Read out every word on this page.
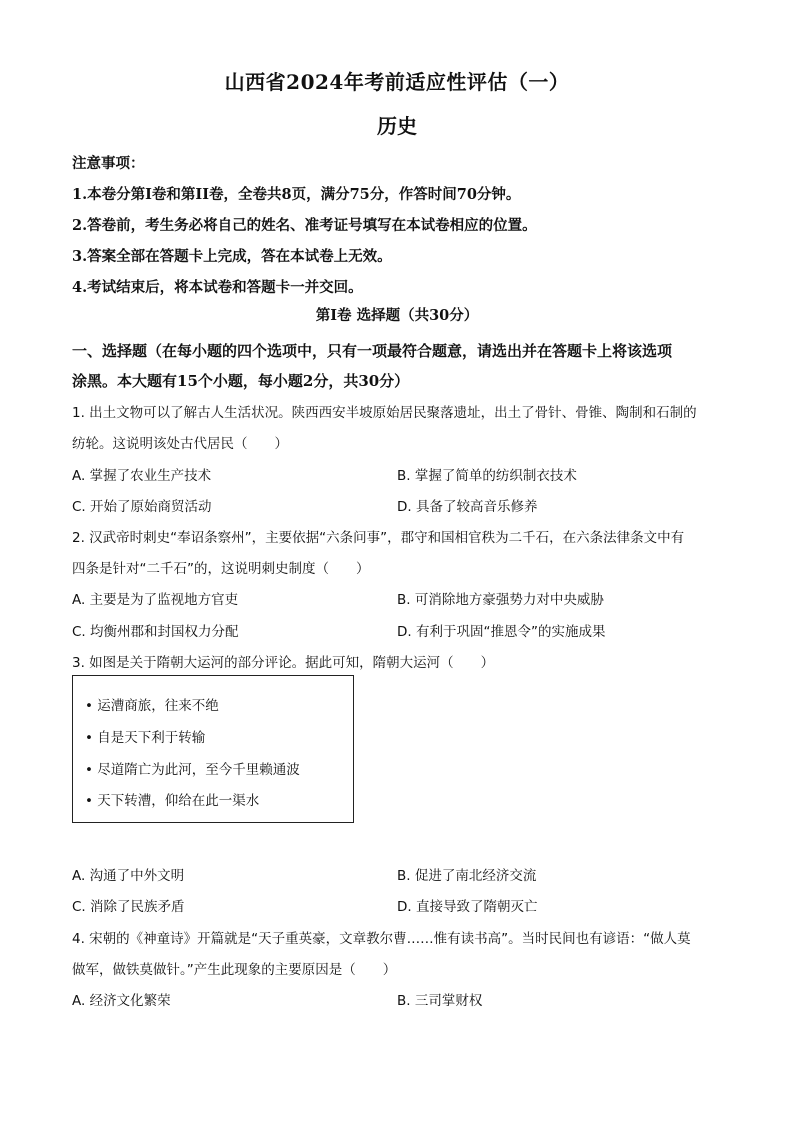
山西省2024年考前适应性评估（一）
历史
注意事项：
1.本卷分第I卷和第II卷，全卷共8页，满分75分，作答时间70分钟。
2.答卷前，考生务必将自己的姓名、准考证号填写在本试卷相应的位置。
3.答案全部在答题卡上完成，答在本试卷上无效。
4.考试结束后，将本试卷和答题卡一并交回。
第I卷 选择题（共30分）
一、选择题（在每小题的四个选项中，只有一项最符合题意，请选出并在答题卡上将该选项
涂黑。本大题有15个小题，每小题2分，共30分）
1. 出土文物可以了解古人生活状况。陕西西安半坡原始居民聚落遗址，出土了骨针、骨锥、陶制和石制的
纺轮。这说明该处古代居民（　　）
A. 掌握了农业生产技术	B. 掌握了简单的纺织制衣技术
C. 开始了原始商贸活动	D. 具备了较高音乐修养
2. 汉武帝时刺史“奉诏条察州”，主要依据“六条问事”，郡守和国相官秩为二千石，在六条法律条文中有
四条是针对“二千石”的，这说明刺史制度（　　）
A. 主要是为了监视地方官吏	B. 可消除地方豪强势力对中央威胁
C. 均衡州郡和封国权力分配	D. 有利于巩固“推恩令”的实施成果
3. 如图是关于隋朝大运河的部分评论。据此可知，隋朝大运河（　　）
• 运漕商旅，往来不绝
• 自是天下利于转输
• 尽道隋亡为此河，至今千里赖通波
• 天下转漕，仰给在此一渠水
A. 沟通了中外文明	B. 促进了南北经济交流
C. 消除了民族矛盾	D. 直接导致了隋朝灭亡
4. 宋朝的《神童诗》开篇就是“天子重英豪，文章教尔曹……惟有读书高”。当时民间也有谚语：“做人莫
做军，做铁莫做针。”产生此现象的主要原因是（　　）
A. 经济文化繁荣	B. 三司掌财权
